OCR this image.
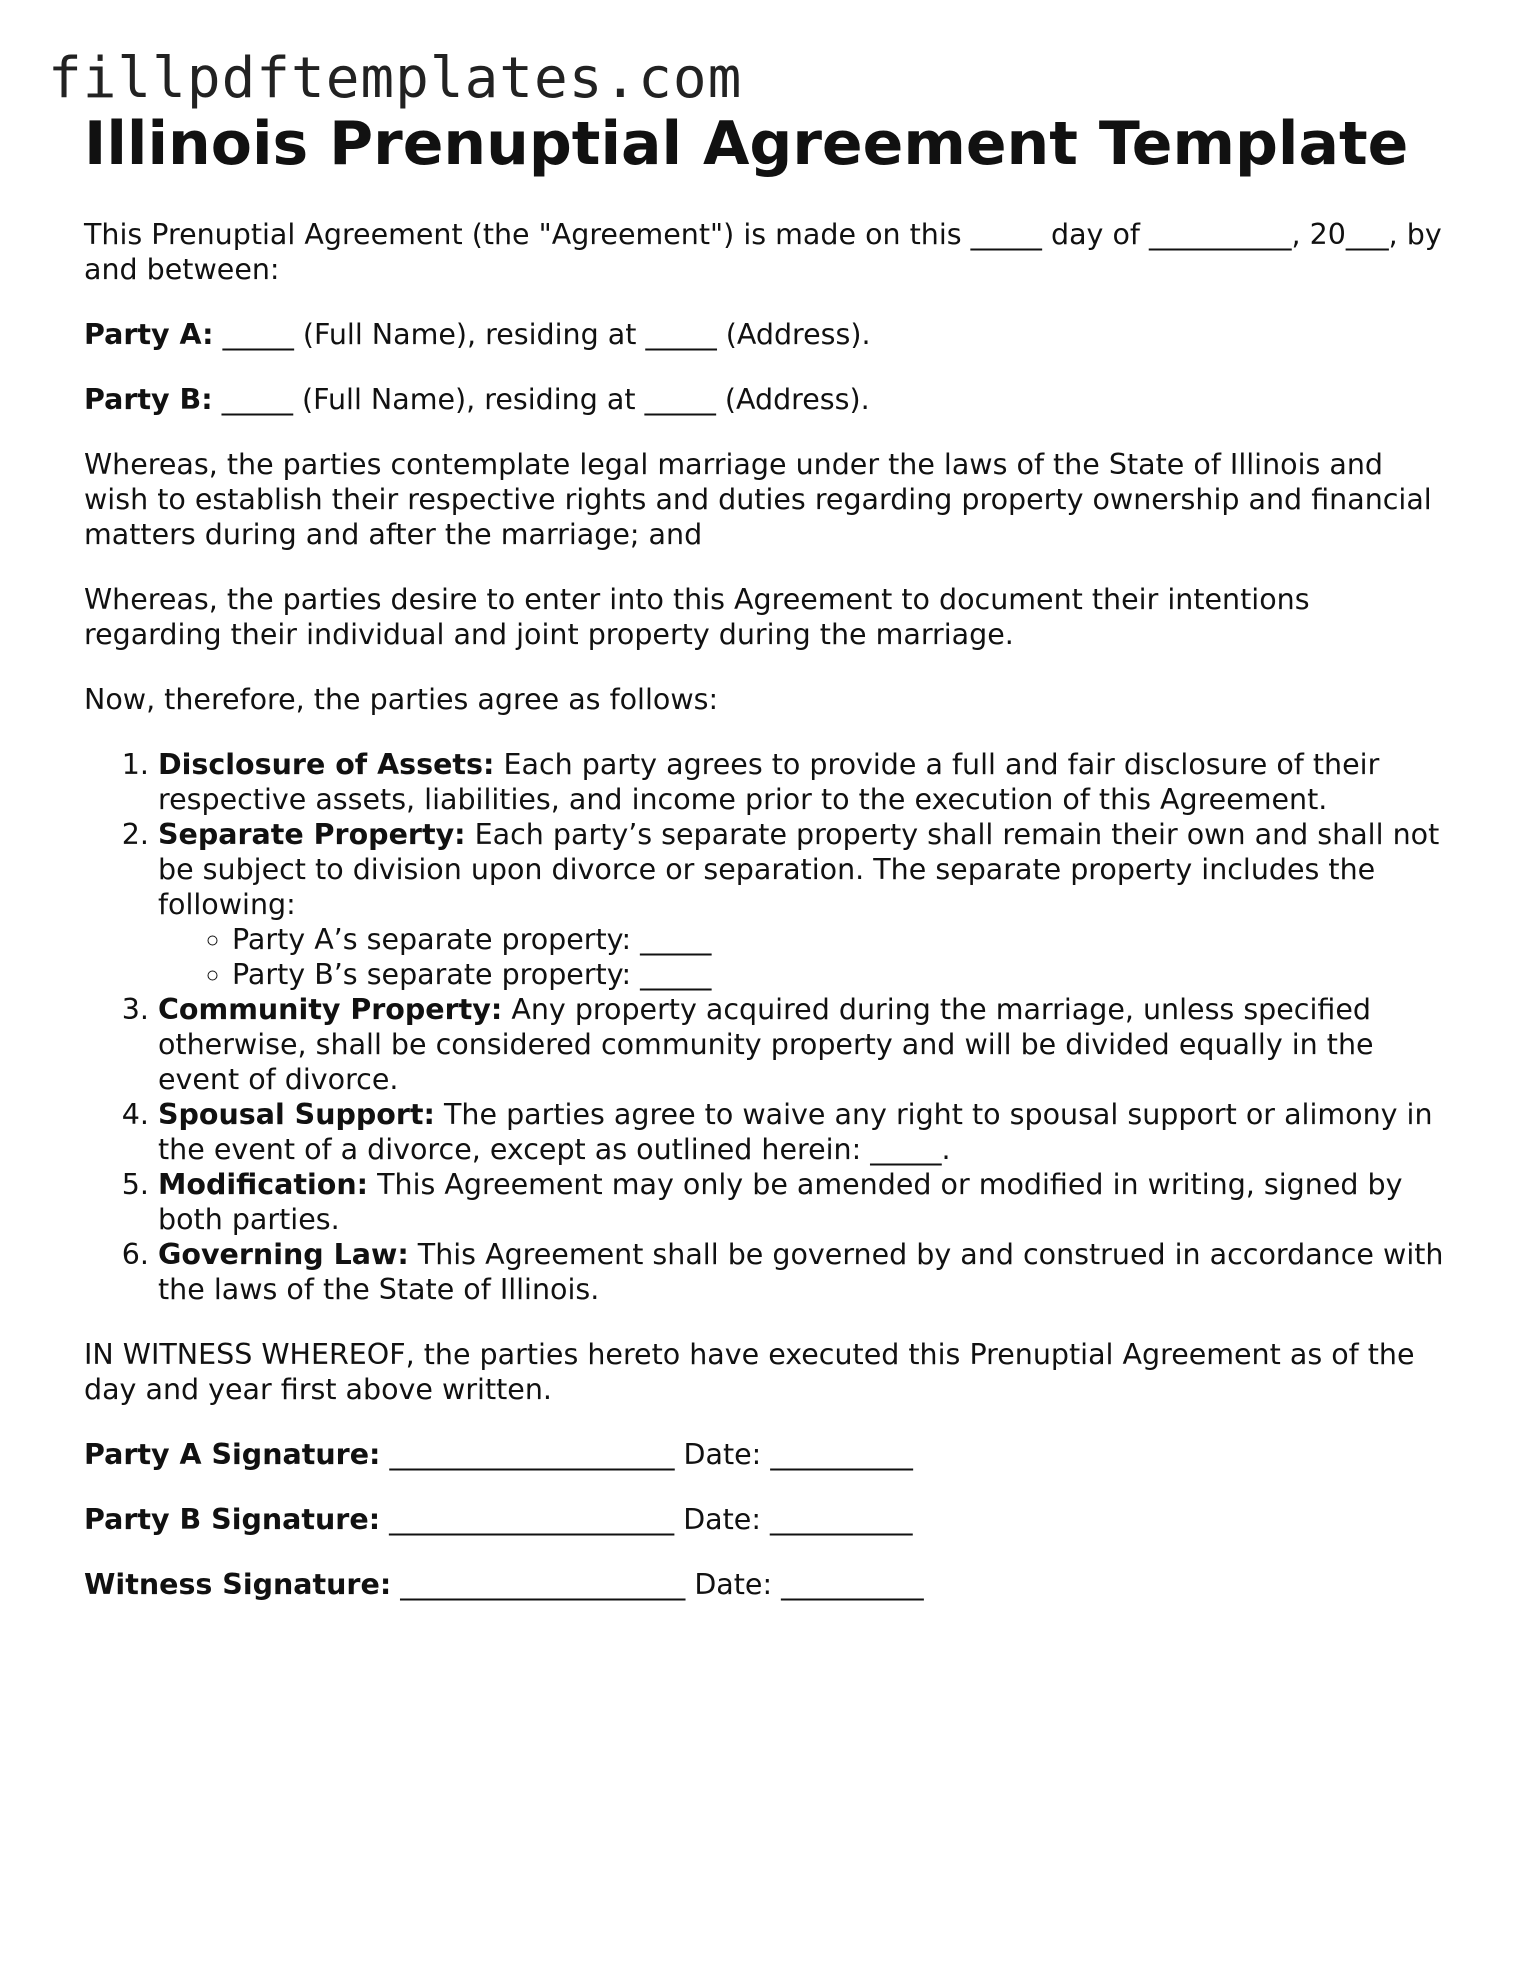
fillpdftemplates.com
Illinois Prenuptial Agreement Template

This Prenuptial Agreement (the "Agreement") is made on this _____ day of __________, 20___, by and between:

Party A: _____ (Full Name), residing at _____ (Address).

Party B: _____ (Full Name), residing at _____ (Address).

Whereas, the parties contemplate legal marriage under the laws of the State of Illinois and wish to establish their respective rights and duties regarding property ownership and financial matters during and after the marriage; and

Whereas, the parties desire to enter into this Agreement to document their intentions regarding their individual and joint property during the marriage.

Now, therefore, the parties agree as follows:

1. Disclosure of Assets: Each party agrees to provide a full and fair disclosure of their respective assets, liabilities, and income prior to the execution of this Agreement.
2. Separate Property: Each party’s separate property shall remain their own and shall not be subject to division upon divorce or separation. The separate property includes the following:
◦ Party A’s separate property: _____
◦ Party B’s separate property: _____
3. Community Property: Any property acquired during the marriage, unless specified otherwise, shall be considered community property and will be divided equally in the event of divorce.
4. Spousal Support: The parties agree to waive any right to spousal support or alimony in the event of a divorce, except as outlined herein: _____.
5. Modification: This Agreement may only be amended or modified in writing, signed by both parties.
6. Governing Law: This Agreement shall be governed by and construed in accordance with the laws of the State of Illinois.

IN WITNESS WHEREOF, the parties hereto have executed this Prenuptial Agreement as of the day and year first above written.

Party A Signature: ____________________ Date: __________

Party B Signature: ____________________ Date: __________

Witness Signature: ____________________ Date: __________
